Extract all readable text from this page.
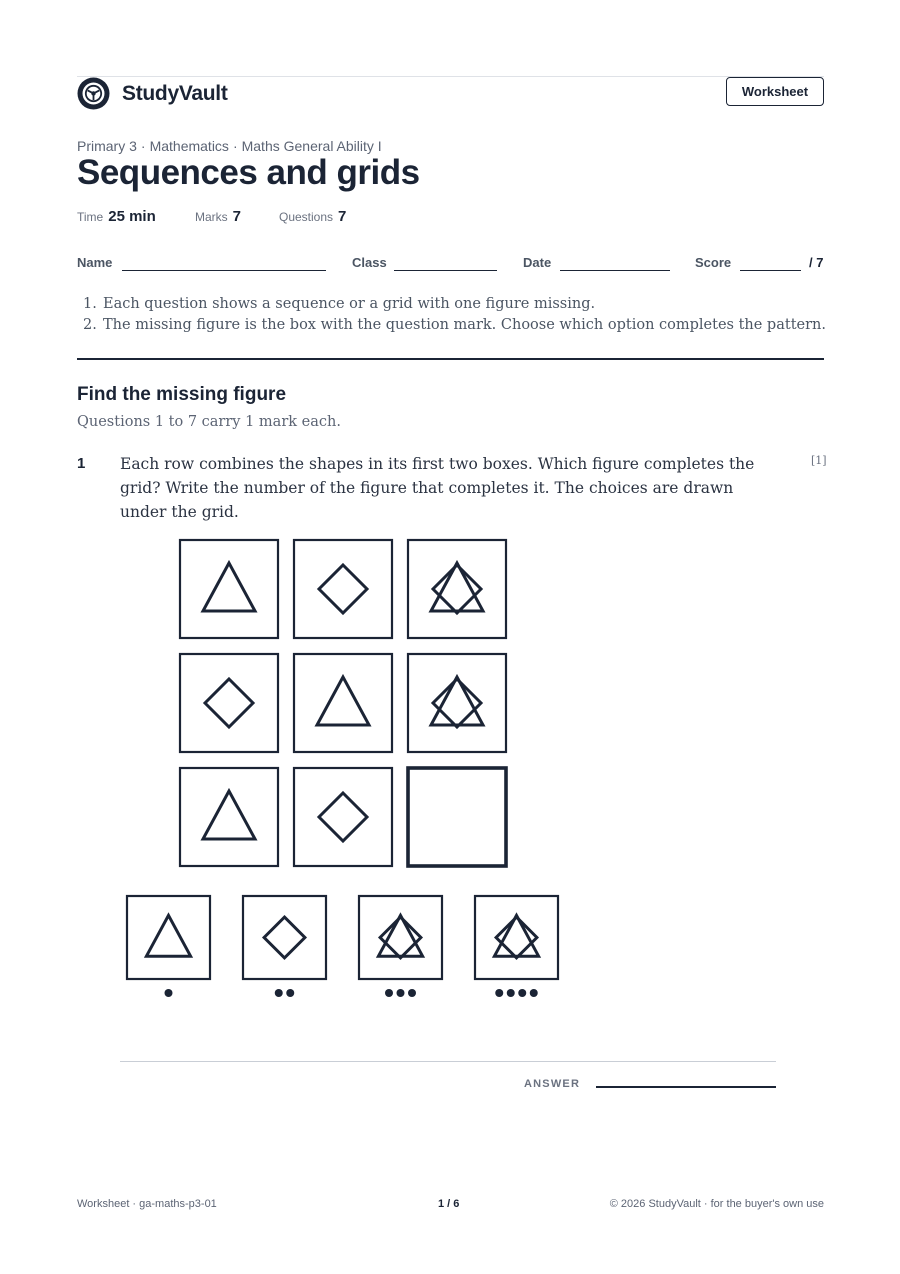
StudyVault	Worksheet
Primary 3 · Mathematics · Maths General Ability I
Sequences and grids
Time 25 min	Marks 7	Questions 7
Name	Class	Date	Score	/ 7
1. Each question shows a sequence or a grid with one figure missing.
2. The missing figure is the box with the question mark. Choose which option completes the pattern.
Find the missing figure

Questions 1 to 7 carry 1 mark each.

1 Each row combines the shapes in its first two boxes. Which figure completes the grid? Write the number of the figure that completes it. The choices are drawn under the grid.

[1]
ANSWER
Worksheet · ga-maths-p3-01	1 / 6	© 2026 StudyVault · for the buyer's own use
